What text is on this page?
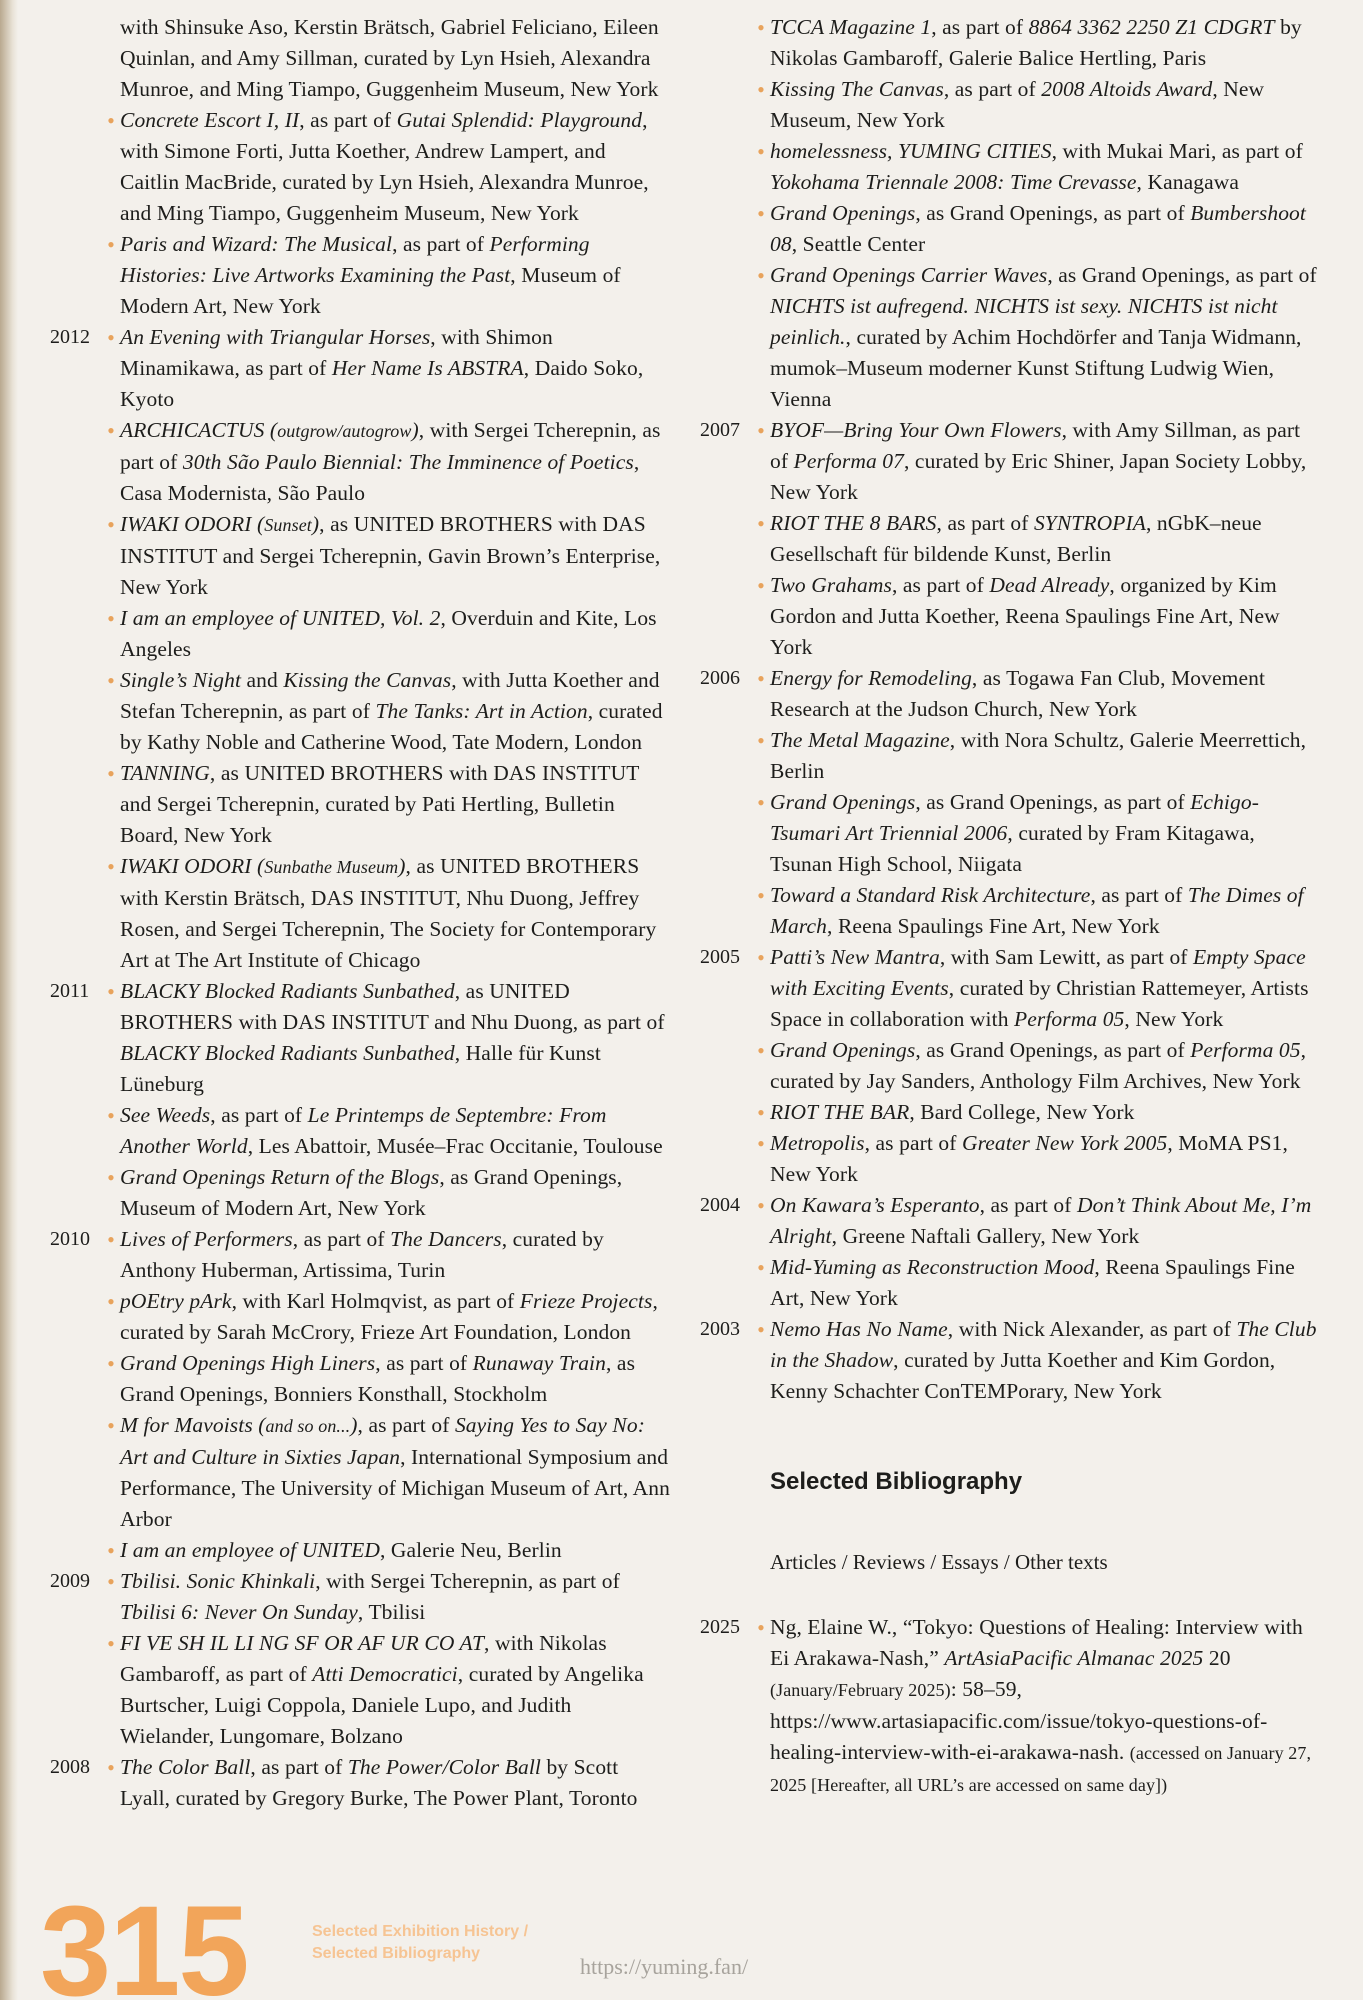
with Shinsuke Aso, Kerstin Brätsch, Gabriel Feliciano, Eileen Quinlan, and Amy Sillman, curated by Lyn Hsieh, Alexandra Munroe, and Ming Tiampo, Guggenheim Museum, New York
• Concrete Escort I, II, as part of Gutai Splendid: Playground, with Simone Forti, Jutta Koether, Andrew Lampert, and Caitlin MacBride, curated by Lyn Hsieh, Alexandra Munroe, and Ming Tiampo, Guggenheim Museum, New York
• Paris and Wizard: The Musical, as part of Performing Histories: Live Artworks Examining the Past, Museum of Modern Art, New York
2012 • An Evening with Triangular Horses, with Shimon Minamikawa, as part of Her Name Is ABSTRA, Daido Soko, Kyoto
• ARCHICACTUS (outgrow/autogrow), with Sergei Tcherepnin, as part of 30th São Paulo Biennial: The Imminence of Poetics, Casa Modernista, São Paulo
• IWAKI ODORI (Sunset), as UNITED BROTHERS with DAS INSTITUT and Sergei Tcherepnin, Gavin Brown’s Enterprise, New York
• I am an employee of UNITED, Vol. 2, Overduin and Kite, Los Angeles
• Single’s Night and Kissing the Canvas, with Jutta Koether and Stefan Tcherepnin, as part of The Tanks: Art in Action, curated by Kathy Noble and Catherine Wood, Tate Modern, London
• TANNING, as UNITED BROTHERS with DAS INSTITUT and Sergei Tcherepnin, curated by Pati Hertling, Bulletin Board, New York
• IWAKI ODORI (Sunbathe Museum), as UNITED BROTHERS with Kerstin Brätsch, DAS INSTITUT, Nhu Duong, Jeffrey Rosen, and Sergei Tcherepnin, The Society for Contemporary Art at The Art Institute of Chicago
2011 • BLACKY Blocked Radiants Sunbathed, as UNITED BROTHERS with DAS INSTITUT and Nhu Duong, as part of BLACKY Blocked Radiants Sunbathed, Halle für Kunst Lüneburg
• See Weeds, as part of Le Printemps de Septembre: From Another World, Les Abattoir, Musée–Frac Occitanie, Toulouse
• Grand Openings Return of the Blogs, as Grand Openings, Museum of Modern Art, New York
2010 • Lives of Performers, as part of The Dancers, curated by Anthony Huberman, Artissima, Turin
• pOEtry pArk, with Karl Holmqvist, as part of Frieze Projects, curated by Sarah McCrory, Frieze Art Foundation, London
• Grand Openings High Liners, as part of Runaway Train, as Grand Openings, Bonniers Konsthall, Stockholm
• M for Mavoists (and so on...), as part of Saying Yes to Say No: Art and Culture in Sixties Japan, International Symposium and Performance, The University of Michigan Museum of Art, Ann Arbor
• I am an employee of UNITED, Galerie Neu, Berlin
2009 • Tbilisi. Sonic Khinkali, with Sergei Tcherepnin, as part of Tbilisi 6: Never On Sunday, Tbilisi
• FI VE SH IL LI NG SF OR AF UR CO AT, with Nikolas Gambaroff, as part of Atti Democratici, curated by Angelika Burtscher, Luigi Coppola, Daniele Lupo, and Judith Wielander, Lungomare, Bolzano
2008 • The Color Ball, as part of The Power/Color Ball by Scott Lyall, curated by Gregory Burke, The Power Plant, Toronto
• TCCA Magazine 1, as part of 8864 3362 2250 Z1 CDGRT by Nikolas Gambaroff, Galerie Balice Hertling, Paris
• Kissing The Canvas, as part of 2008 Altoids Award, New Museum, New York
• homelessness, YUMING CITIES, with Mukai Mari, as part of Yokohama Triennale 2008: Time Crevasse, Kanagawa
• Grand Openings, as Grand Openings, as part of Bumbershoot 08, Seattle Center
• Grand Openings Carrier Waves, as Grand Openings, as part of NICHTS ist aufregend. NICHTS ist sexy. NICHTS ist nicht peinlich., curated by Achim Hochdörfer and Tanja Widmann, mumok–Museum moderner Kunst Stiftung Ludwig Wien, Vienna
2007 • BYOF—Bring Your Own Flowers, with Amy Sillman, as part of Performa 07, curated by Eric Shiner, Japan Society Lobby, New York
• RIOT THE 8 BARS, as part of SYNTROPIA, nGbK–neue Gesellschaft für bildende Kunst, Berlin
• Two Grahams, as part of Dead Already, organized by Kim Gordon and Jutta Koether, Reena Spaulings Fine Art, New York
2006 • Energy for Remodeling, as Togawa Fan Club, Movement Research at the Judson Church, New York
• The Metal Magazine, with Nora Schultz, Galerie Meerrettich, Berlin
• Grand Openings, as Grand Openings, as part of Echigo-Tsumari Art Triennial 2006, curated by Fram Kitagawa, Tsunan High School, Niigata
• Toward a Standard Risk Architecture, as part of The Dimes of March, Reena Spaulings Fine Art, New York
2005 • Patti’s New Mantra, with Sam Lewitt, as part of Empty Space with Exciting Events, curated by Christian Rattemeyer, Artists Space in collaboration with Performa 05, New York
• Grand Openings, as Grand Openings, as part of Performa 05, curated by Jay Sanders, Anthology Film Archives, New York
• RIOT THE BAR, Bard College, New York
• Metropolis, as part of Greater New York 2005, MoMA PS1, New York
2004 • On Kawara’s Esperanto, as part of Don’t Think About Me, I’m Alright, Greene Naftali Gallery, New York
• Mid-Yuming as Reconstruction Mood, Reena Spaulings Fine Art, New York
2003 • Nemo Has No Name, with Nick Alexander, as part of The Club in the Shadow, curated by Jutta Koether and Kim Gordon, Kenny Schachter ConTEMPorary, New York
Selected Bibliography
Articles / Reviews / Essays / Other texts
2025 • Ng, Elaine W., “Tokyo: Questions of Healing: Interview with Ei Arakawa-Nash,” ArtAsiaPacific Almanac 2025 20 (January/February 2025): 58–59, https://www.artasiapacific.com/issue/tokyo-questions-of-healing-interview-with-ei-arakawa-nash. (accessed on January 27, 2025 [Hereafter, all URL’s are accessed on same day])
315	Selected Exhibition History /
Selected Bibliography
https://yuming.fan/
